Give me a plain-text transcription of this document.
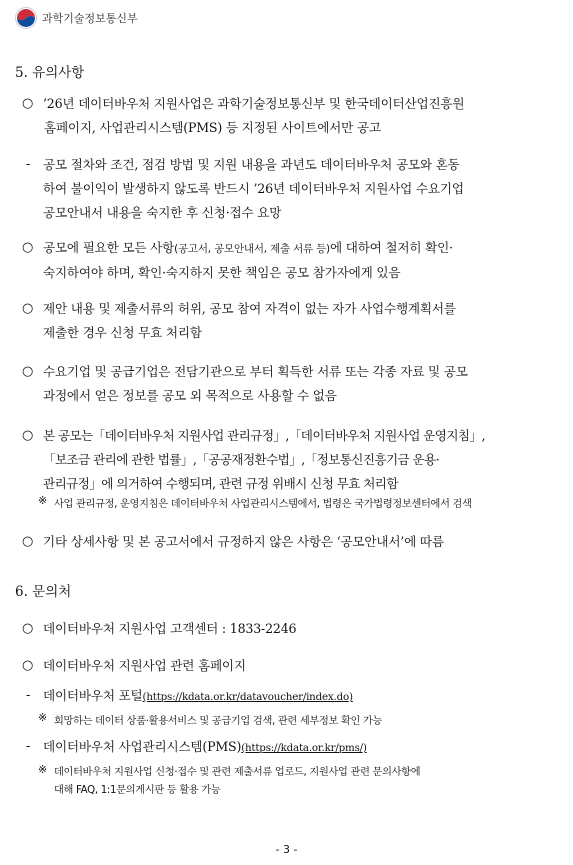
과학기술정보통신부
5. 유의사항
○ ’26년 데이터바우처 지원사업은 과학기술정보통신부 및 한국데이터산업진흥원

홈페이지, 사업관리시스템(PMS) 등 지정된 사이트에서만 공고

- 공모 절차와 조건, 점검 방법 및 지원 내용을 과년도 데이터바우처 공모와 혼동

하여 불이익이 발생하지 않도록 반드시 ’26년 데이터바우처 지원사업 수요기업

공모안내서 내용을 숙지한 후 신청·접수 요망

○ 공모에 필요한 모든 사항(공고서, 공모안내서, 제출 서류 등)에 대하여 철저히 확인·

숙지하여야 하며, 확인·숙지하지 못한 책임은 공모 참가자에게 있음

○ 제안 내용 및 제출서류의 허위, 공모 참여 자격이 없는 자가 사업수행계획서를

제출한 경우 신청 무효 처리함

○ 수요기업 및 공급기업은 전담기관으로 부터 획득한 서류 또는 각종 자료 및 공모

과정에서 얻은 정보를 공모 외 목적으로 사용할 수 없음

○ 본 공모는「데이터바우처 지원사업 관리규정」,「데이터바우처 지원사업 운영지침」,

「보조금 관리에 관한 법률」,「공공재정환수법」,「정보통신진흥기금 운용·

관리규정」에 의거하여 수행되며, 관련 규정 위배시 신청 무효 처리함

※ 사업 관리규정, 운영지침은 데이터바우처 사업관리시스템에서, 법령은 국가법령정보센터에서 검색
○ 기타 상세사항 및 본 공고서에서 규정하지 않은 사항은 ‘공모안내서’에 따름

6. 문의처
○ 데이터바우처 지원사업 고객센터 : 1833-2246
○ 데이터바우처 지원사업 관련 홈페이지
- 데이터바우처 포털(https://kdata.or.kr/datavoucher/index.do)
※ 희망하는 데이터 상품·활용서비스 및 공급기업 검색, 관련 세부정보 확인 가능
- 데이터바우처 사업관리시스템(PMS)(https://kdata.or.kr/pms/)
※ 데이터바우처 지원사업 신청·접수 및 관련 제출서류 업로드, 지원사업 관련 문의사항에
대해 FAQ, 1:1문의게시판 등 활용 가능
- 3 -
